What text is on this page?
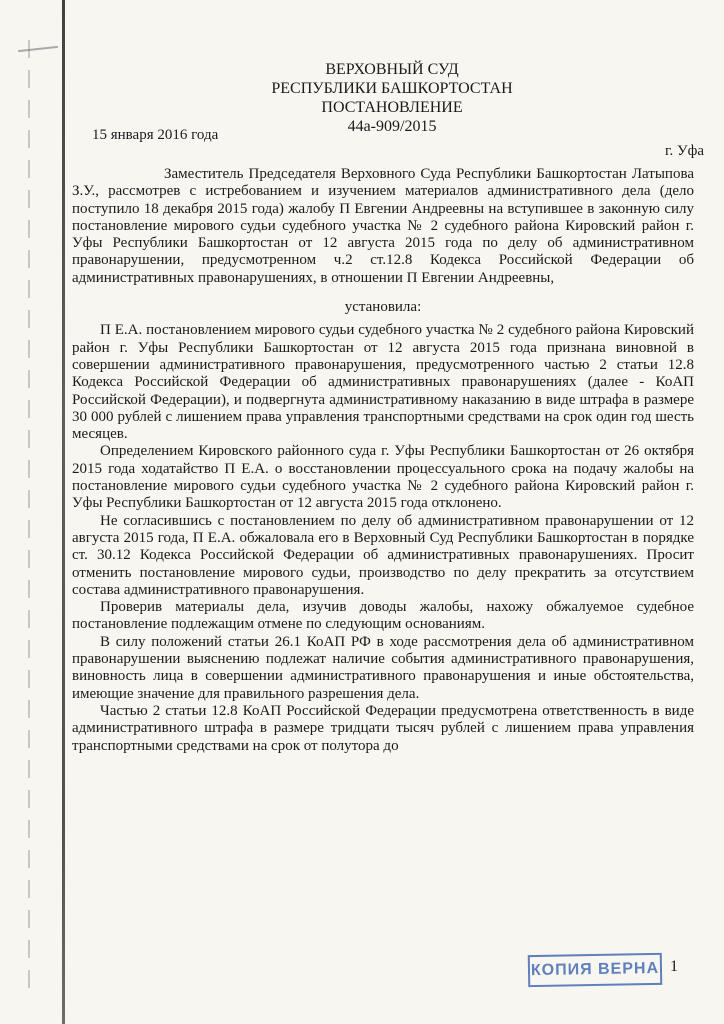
ВЕРХОВНЫЙ СУД
РЕСПУБЛИКИ БАШКОРТОСТАН
ПОСТАНОВЛЕНИЕ
44а-909/2015
15 января 2016 года
г. Уфа

Заместитель Председателя Верховного Суда Республики Башкортостан Латыпова З.У., рассмотрев с истребованием и изучением материалов административного дела (дело поступило 18 декабря 2015 года) жалобу П Евгении Андреевны на вступившее в законную силу постановление мирового судьи судебного участка № 2 судебного района Кировский район г. Уфы Республики Башкортостан от 12 августа 2015 года по делу об административном правонарушении, предусмотренном ч.2 ст.12.8 Кодекса Российской Федерации об административных правонарушениях, в отношении П Евгении Андреевны,

установила:

П Е.А. постановлением мирового судьи судебного участка № 2 судебного района Кировский район г. Уфы Республики Башкортостан от 12 августа 2015 года признана виновной в совершении административного правонарушения, предусмотренного частью 2 статьи 12.8 Кодекса Российской Федерации об административных правонарушениях (далее - КоАП Российской Федерации), и подвергнута административному наказанию в виде штрафа в размере 30 000 рублей с лишением права управления транспортными средствами на срок один год шесть месяцев.

Определением Кировского районного суда г. Уфы Республики Башкортостан от 26 октября 2015 года ходатайство П Е.А. о восстановлении процессуального срока на подачу жалобы на постановление мирового судьи судебного участка № 2 судебного района Кировский район г. Уфы Республики Башкортостан от 12 августа 2015 года отклонено.

Не согласившись с постановлением по делу об административном правонарушении от 12 августа 2015 года, П Е.А. обжаловала его в Верховный Суд Республики Башкортостан в порядке ст. 30.12 Кодекса Российской Федерации об административных правонарушениях. Просит отменить постановление мирового судьи, производство по делу прекратить за отсутствием состава административного правонарушения.

Проверив материалы дела, изучив доводы жалобы, нахожу обжалуемое судебное постановление подлежащим отмене по следующим основаниям.

В силу положений статьи 26.1 КоАП РФ в ходе рассмотрения дела об административном правонарушении выяснению подлежат наличие события административного правонарушения, виновность лица в совершении административного правонарушения и иные обстоятельства, имеющие значение для правильного разрешения дела.

Частью 2 статьи 12.8 КоАП Российской Федерации предусмотрена ответственность в виде административного штрафа в размере тридцати тысяч рублей с лишением права управления транспортными средствами на срок от полутора до

КОПИЯ ВЕРНА 1
